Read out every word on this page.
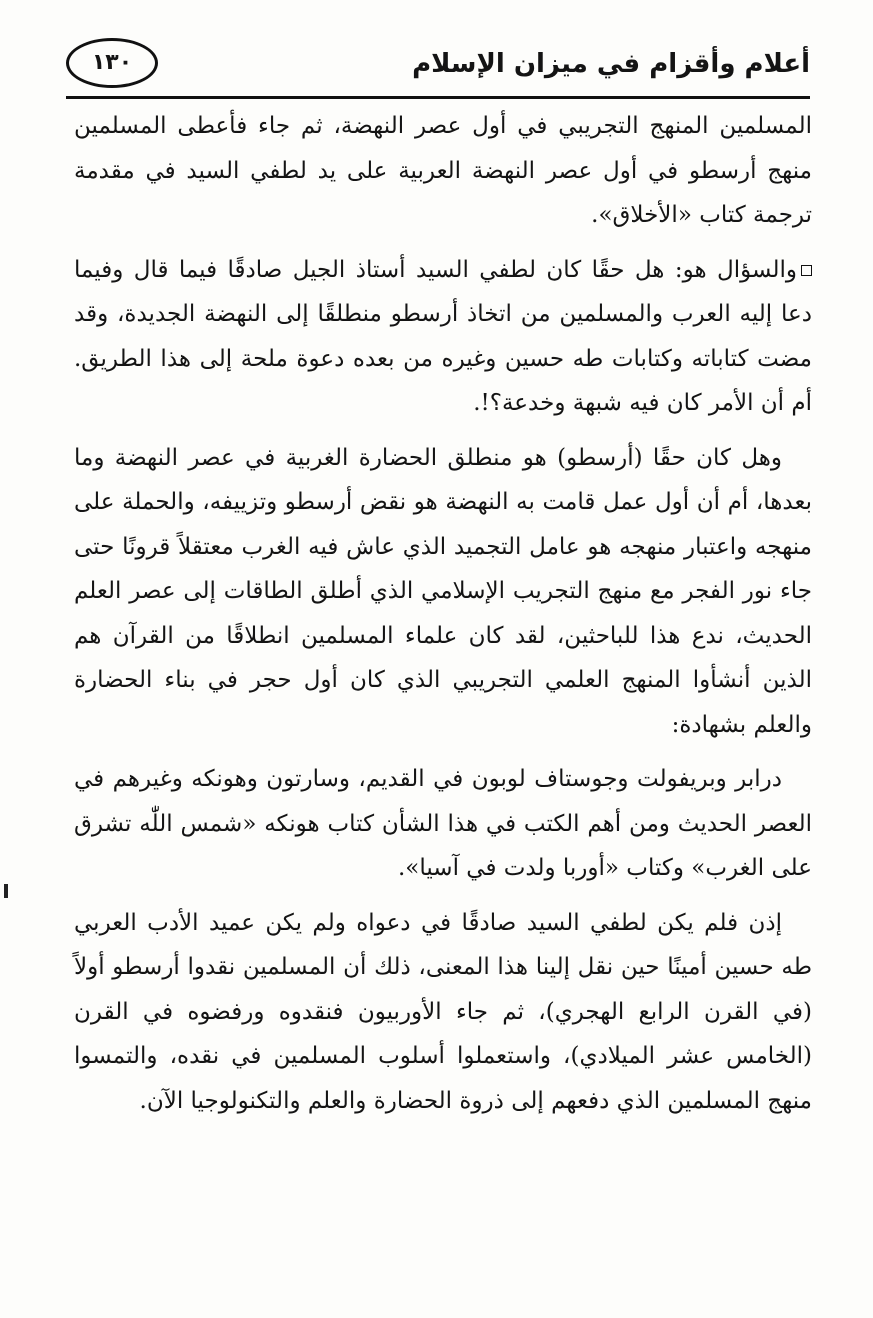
١٣٠	أعلام وأقزام في ميزان الإسلام

المسلمين المنهج التجريبي في أول عصر النهضة، ثم جاء فأعطى المسلمين منهج أرسطو في أول عصر النهضة العربية على يد لطفي السيد في مقدمة ترجمة كتاب «الأخلاق».

والسؤال هو: هل حقًا كان لطفي السيد أستاذ الجيل صادقًا فيما قال وفيما دعا إليه العرب والمسلمين من اتخاذ أرسطو منطلقًا إلى النهضة الجديدة، وقد مضت كتاباته وكتابات طه حسين وغيره من بعده دعوة ملحة إلى هذا الطريق. أم أن الأمر كان فيه شبهة وخدعة؟!.

وهل كان حقًا (أرسطو) هو منطلق الحضارة الغربية في عصر النهضة وما بعدها، أم أن أول عمل قامت به النهضة هو نقض أرسطو وتزييفه، والحملة على منهجه واعتبار منهجه هو عامل التجميد الذي عاش فيه الغرب معتقلاً قرونًا حتى جاء نور الفجر مع منهج التجريب الإسلامي الذي أطلق الطاقات إلى عصر العلم الحديث، ندع هذا للباحثين، لقد كان علماء المسلمين انطلاقًا من القرآن هم الذين أنشأوا المنهج العلمي التجريبي الذي كان أول حجر في بناء الحضارة والعلم بشهادة:

درابر وبريفولت وجوستاف لوبون في القديم، وسارتون وهونكه وغيرهم في العصر الحديث ومن أهم الكتب في هذا الشأن كتاب هونكه «شمس اللّٰه تشرق على الغرب» وكتاب «أوربا ولدت في آسيا».

إذن فلم يكن لطفي السيد صادقًا في دعواه ولم يكن عميد الأدب العربي طه حسين أمينًا حين نقل إلينا هذا المعنى، ذلك أن المسلمين نقدوا أرسطو أولاً (في القرن الرابع الهجري)، ثم جاء الأوربيون فنقدوه ورفضوه في القرن (الخامس عشر الميلادي)، واستعملوا أسلوب المسلمين في نقده، والتمسوا منهج المسلمين الذي دفعهم إلى ذروة الحضارة والعلم والتكنولوجيا الآن.
